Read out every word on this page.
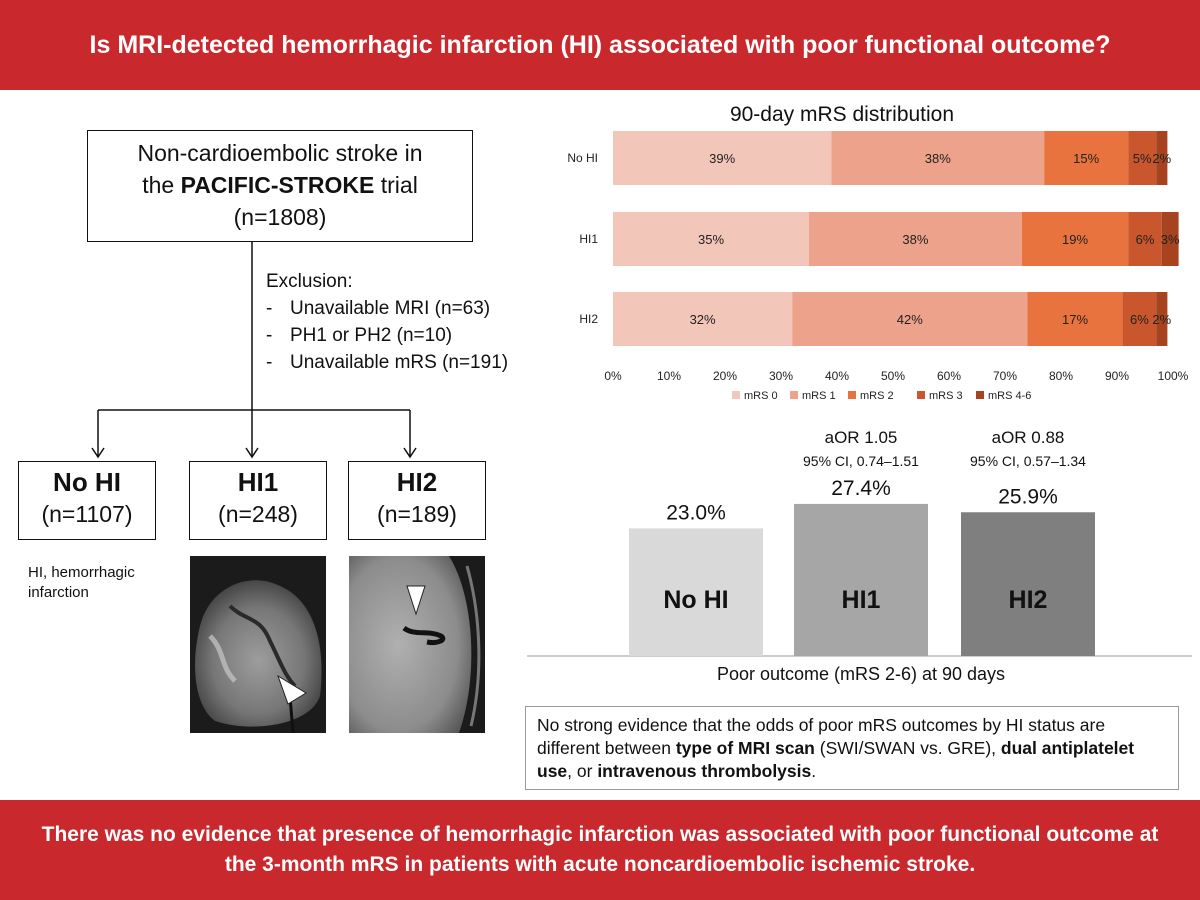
Is MRI-detected hemorrhagic infarction (HI) associated with poor functional outcome?
Non-cardioembolic stroke in
the PACIFIC-STROKE trial
(n=1808)
Exclusion:
- Unavailable MRI (n=63)
- PH1 or PH2 (n=10)
- Unavailable mRS (n=191)
No HI
(n=1107)
HI1
(n=248)
HI2
(n=189)
HI, hemorrhagic infarction
90-day mRS distribution
No HI	39%	38%	15%	5% 2%
HI1	35%	38%	19%	6% 3%
HI2	32%	42%	17%	6% 2%
0%	10%	20%	30%	40%	50%	60%	70%	80%	90% 100%
mRS 0 mRS 1 mRS 2	mRS 3 mRS 4-6
23.0%
No HI
27.4%
HI1
25.9%
HI2
aOR 1.05
95% CI, 0.74–1.51
aOR 0.88
95% CI, 0.57–1.34
Poor outcome (mRS 2-6) at 90 days
No strong evidence that the odds of poor mRS outcomes by HI status are different between type of MRI scan (SWI/SWAN vs. GRE), dual antiplatelet use, or intravenous thrombolysis.
There was no evidence that presence of hemorrhagic infarction was associated with poor functional outcome at the 3-month mRS in patients with acute noncardioembolic ischemic stroke.
